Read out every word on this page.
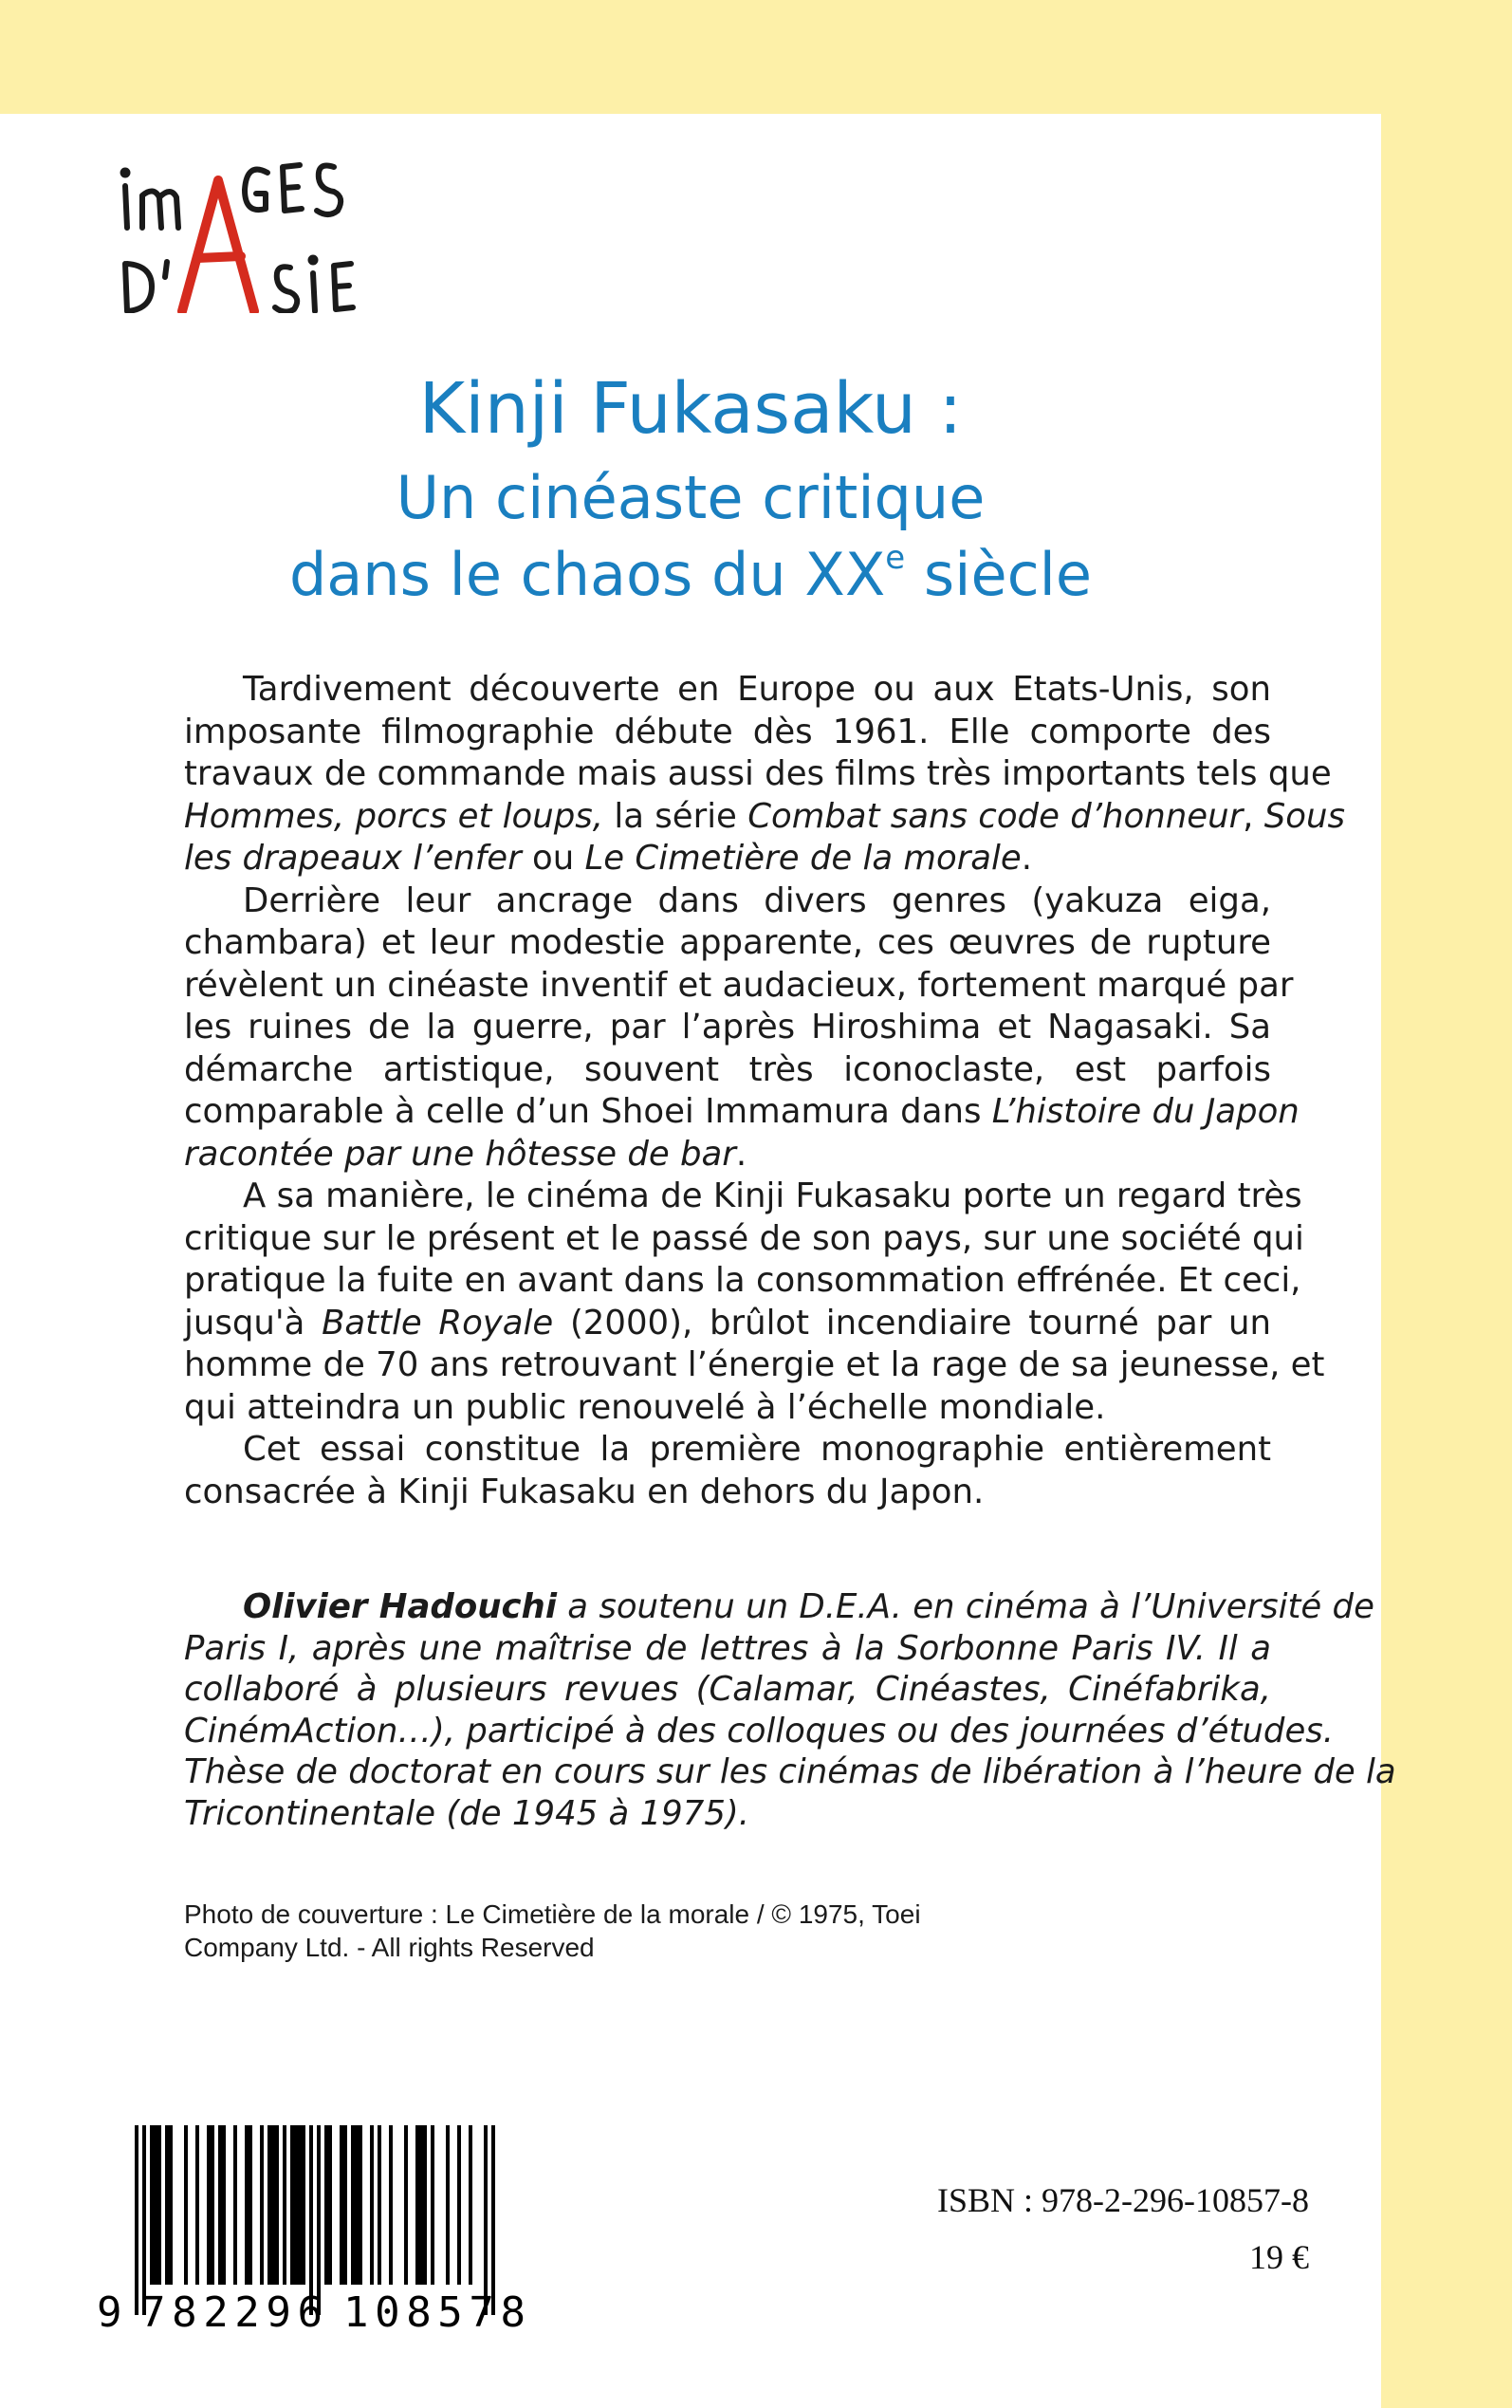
Kinji Fukasaku :
Un cinéaste critique
dans le chaos du XXe siècle
Tardivement découverte en Europe ou aux Etats-Unis, son
imposante filmographie débute dès 1961. Elle comporte des
travaux de commande mais aussi des films très importants tels que
Hommes, porcs et loups, la série Combat sans code d’honneur, Sous
les drapeaux l’enfer ou Le Cimetière de la morale.
Derrière leur ancrage dans divers genres (yakuza eiga,
chambara) et leur modestie apparente, ces œuvres de rupture
révèlent un cinéaste inventif et audacieux, fortement marqué par
les ruines de la guerre, par l’après Hiroshima et Nagasaki. Sa
démarche artistique, souvent très iconoclaste, est parfois
comparable à celle d’un Shoei Immamura dans L’histoire du Japon
racontée par une hôtesse de bar.
A sa manière, le cinéma de Kinji Fukasaku porte un regard très
critique sur le présent et le passé de son pays, sur une société qui
pratique la fuite en avant dans la consommation effrénée. Et ceci,
jusqu'à Battle Royale (2000), brûlot incendiaire tourné par un
homme de 70 ans retrouvant l’énergie et la rage de sa jeunesse, et
qui atteindra un public renouvelé à l’échelle mondiale.
Cet essai constitue la première monographie entièrement
consacrée à Kinji Fukasaku en dehors du Japon.
Olivier Hadouchi a soutenu un D.E.A. en cinéma à l’Université de
Paris I, après une maîtrise de lettres à la Sorbonne Paris IV. Il a
collaboré à plusieurs revues (Calamar, Cinéastes, Cinéfabrika,
CinémAction…), participé à des colloques ou des journées d’études.
Thèse de doctorat en cours sur les cinémas de libération à l’heure de la
Tricontinentale (de 1945 à 1975).
Photo de couverture : Le Cimetière de la morale / © 1975, Toei
Company Ltd. - All rights Reserved
9 782296 108578
ISBN : 978-2-296-10857-8
19 €
